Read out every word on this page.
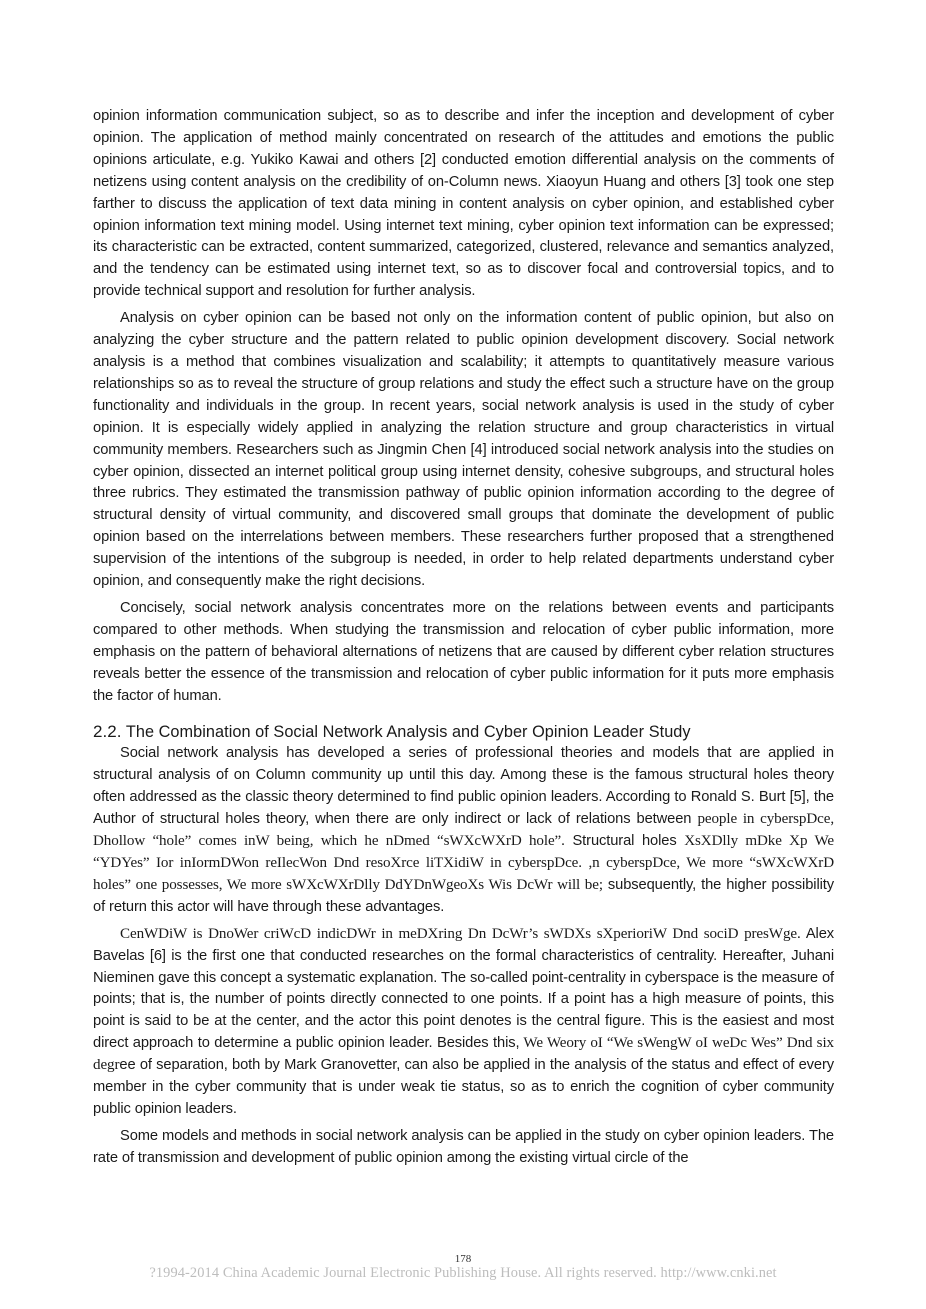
opinion information communication subject, so as to describe and infer the inception and development of cyber opinion. The application of method mainly concentrated on research of the attitudes and emotions the public opinions articulate, e.g. Yukiko Kawai and others [2] conducted emotion differential analysis on the comments of netizens using content analysis on the credibility of on-Column news. Xiaoyun Huang and others [3] took one step farther to discuss the application of text data mining in content analysis on cyber opinion, and established cyber opinion information text mining model. Using internet text mining, cyber opinion text information can be expressed; its characteristic can be extracted, content summarized, categorized, clustered, relevance and semantics analyzed, and the tendency can be estimated using internet text, so as to discover focal and controversial topics, and to provide technical support and resolution for further analysis.

Analysis on cyber opinion can be based not only on the information content of public opinion, but also on analyzing the cyber structure and the pattern related to public opinion development discovery. Social network analysis is a method that combines visualization and scalability; it attempts to quantitatively measure various relationships so as to reveal the structure of group relations and study the effect such a structure have on the group functionality and individuals in the group. In recent years, social network analysis is used in the study of cyber opinion. It is especially widely applied in analyzing the relation structure and group characteristics in virtual community members. Researchers such as Jingmin Chen [4] introduced social network analysis into the studies on cyber opinion, dissected an internet political group using internet density, cohesive subgroups, and structural holes three rubrics. They estimated the transmission pathway of public opinion information according to the degree of structural density of virtual community, and discovered small groups that dominate the development of public opinion based on the interrelations between members. These researchers further proposed that a strengthened supervision of the intentions of the subgroup is needed, in order to help related departments understand cyber opinion, and consequently make the right decisions.

Concisely, social network analysis concentrates more on the relations between events and participants compared to other methods. When studying the transmission and relocation of cyber public information, more emphasis on the pattern of behavioral alternations of netizens that are caused by different cyber relation structures reveals better the essence of the transmission and relocation of cyber public information for it puts more emphasis the factor of human.

2.2. The Combination of Social Network Analysis and Cyber Opinion Leader Study

Social network analysis has developed a series of professional theories and models that are applied in structural analysis of on Column community up until this day. Among these is the famous structural holes theory often addressed as the classic theory determined to find public opinion leaders. According to Ronald S. Burt [5], the Author of structural holes theory, when there are only indirect or lack of relations between people in cyberspDce, Dhollow “hole” comes inW being, which he nDmed “sWXcWXrD hole”. Structural holes XsXDlly mDke Xp We “YDYes” Ior inIormDWon reIlecWon Dnd resoXrce liTXidiW in cyberspDce. ,n cyberspDce, We more “sWXcWXrD holes” one possesses, We more sWXcWXrDlly DdYDnWgeoXs Wis DcWr will be; subsequently, the higher possibility of return this actor will have through these advantages.

CenWDiW is DnoWer criWcD indicDWr in meDXring Dn DcWr’s sWDXs sXperioriW Dnd sociD presWge. Alex Bavelas [6] is the first one that conducted researches on the formal characteristics of centrality. Hereafter, Juhani Nieminen gave this concept a systematic explanation. The so-called point-centrality in cyberspace is the measure of points; that is, the number of points directly connected to one points. If a point has a high measure of points, this point is said to be at the center, and the actor this point denotes is the central figure. This is the easiest and most direct approach to determine a public opinion leader. Besides this, We Weory oI “We sWengW oI weDc Wes” Dnd six degree of separation, both by Mark Granovetter, can also be applied in the analysis of the status and effect of every member in the cyber community that is under weak tie status, so as to enrich the cognition of cyber community public opinion leaders.

Some models and methods in social network analysis can be applied in the study on cyber opinion leaders. The rate of transmission and development of public opinion among the existing virtual circle of the

178
?1994-2014 China Academic Journal Electronic Publishing House. All rights reserved. http://www.cnki.net
